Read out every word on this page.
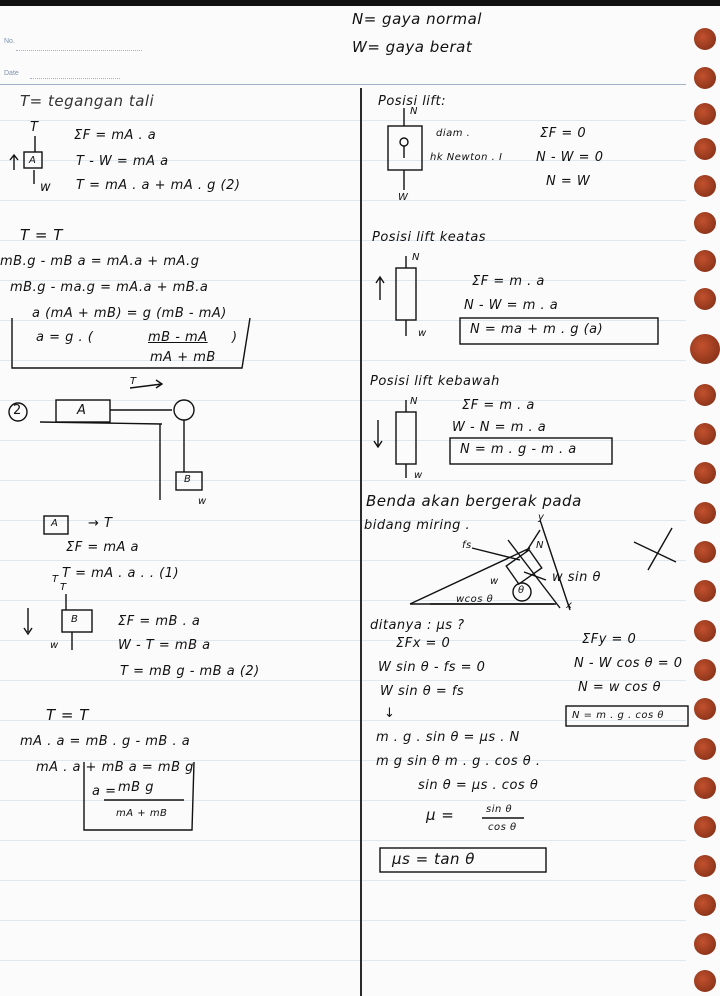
No.
Date
N= gaya normal
W= gaya berat
T= tegangan tali
T
A
w
ΣF = mA . a
T - W = mA a
T = mA . a + mA . g (2)
T = T
mB.g - mB a = mA.a + mA.g
mB.g - ma.g = mA.a + mB.a
a (mA + mB) = g (mB - mA)
a = g . (	mB - mA
mA + mB
)
2	A
T
B
w
A → T
ΣF = mA a
T = mA . a . . (1)
T
B
w
T
ΣF = mB . a
W - T = mB a
T = mB g - mB a (2)
T = T
mA . a = mB . g - mB . a
mA . a + mB a = mB g
a = mB g
mA + mB
Posisi lift:
N
W
diam .
hk Newton . I
ΣF = 0
N - W = 0
N = W
Posisi lift keatas
N
w
ΣF = m . a
N - W = m . a
N = ma + m . g (a)
Posisi lift kebawah
N
w
ΣF = m . a
W - N = m . a
N = m . g - m . a
Benda akan bergerak pada
bidang miring .
y
x
N
fs
w
wcos θ
θ
w sin θ
ditanya : μs ?
ΣFx = 0
W sin θ - fs = 0
W sin θ = fs
↓
ΣFy = 0
N - W cos θ = 0
N = w cos θ
N = m . g . cos θ
m . g . sin θ = μs . N
m g sin θ m . g . cos θ .
sin θ = μs . cos θ
μ =	sin θ
cos θ
μs = tan θ
